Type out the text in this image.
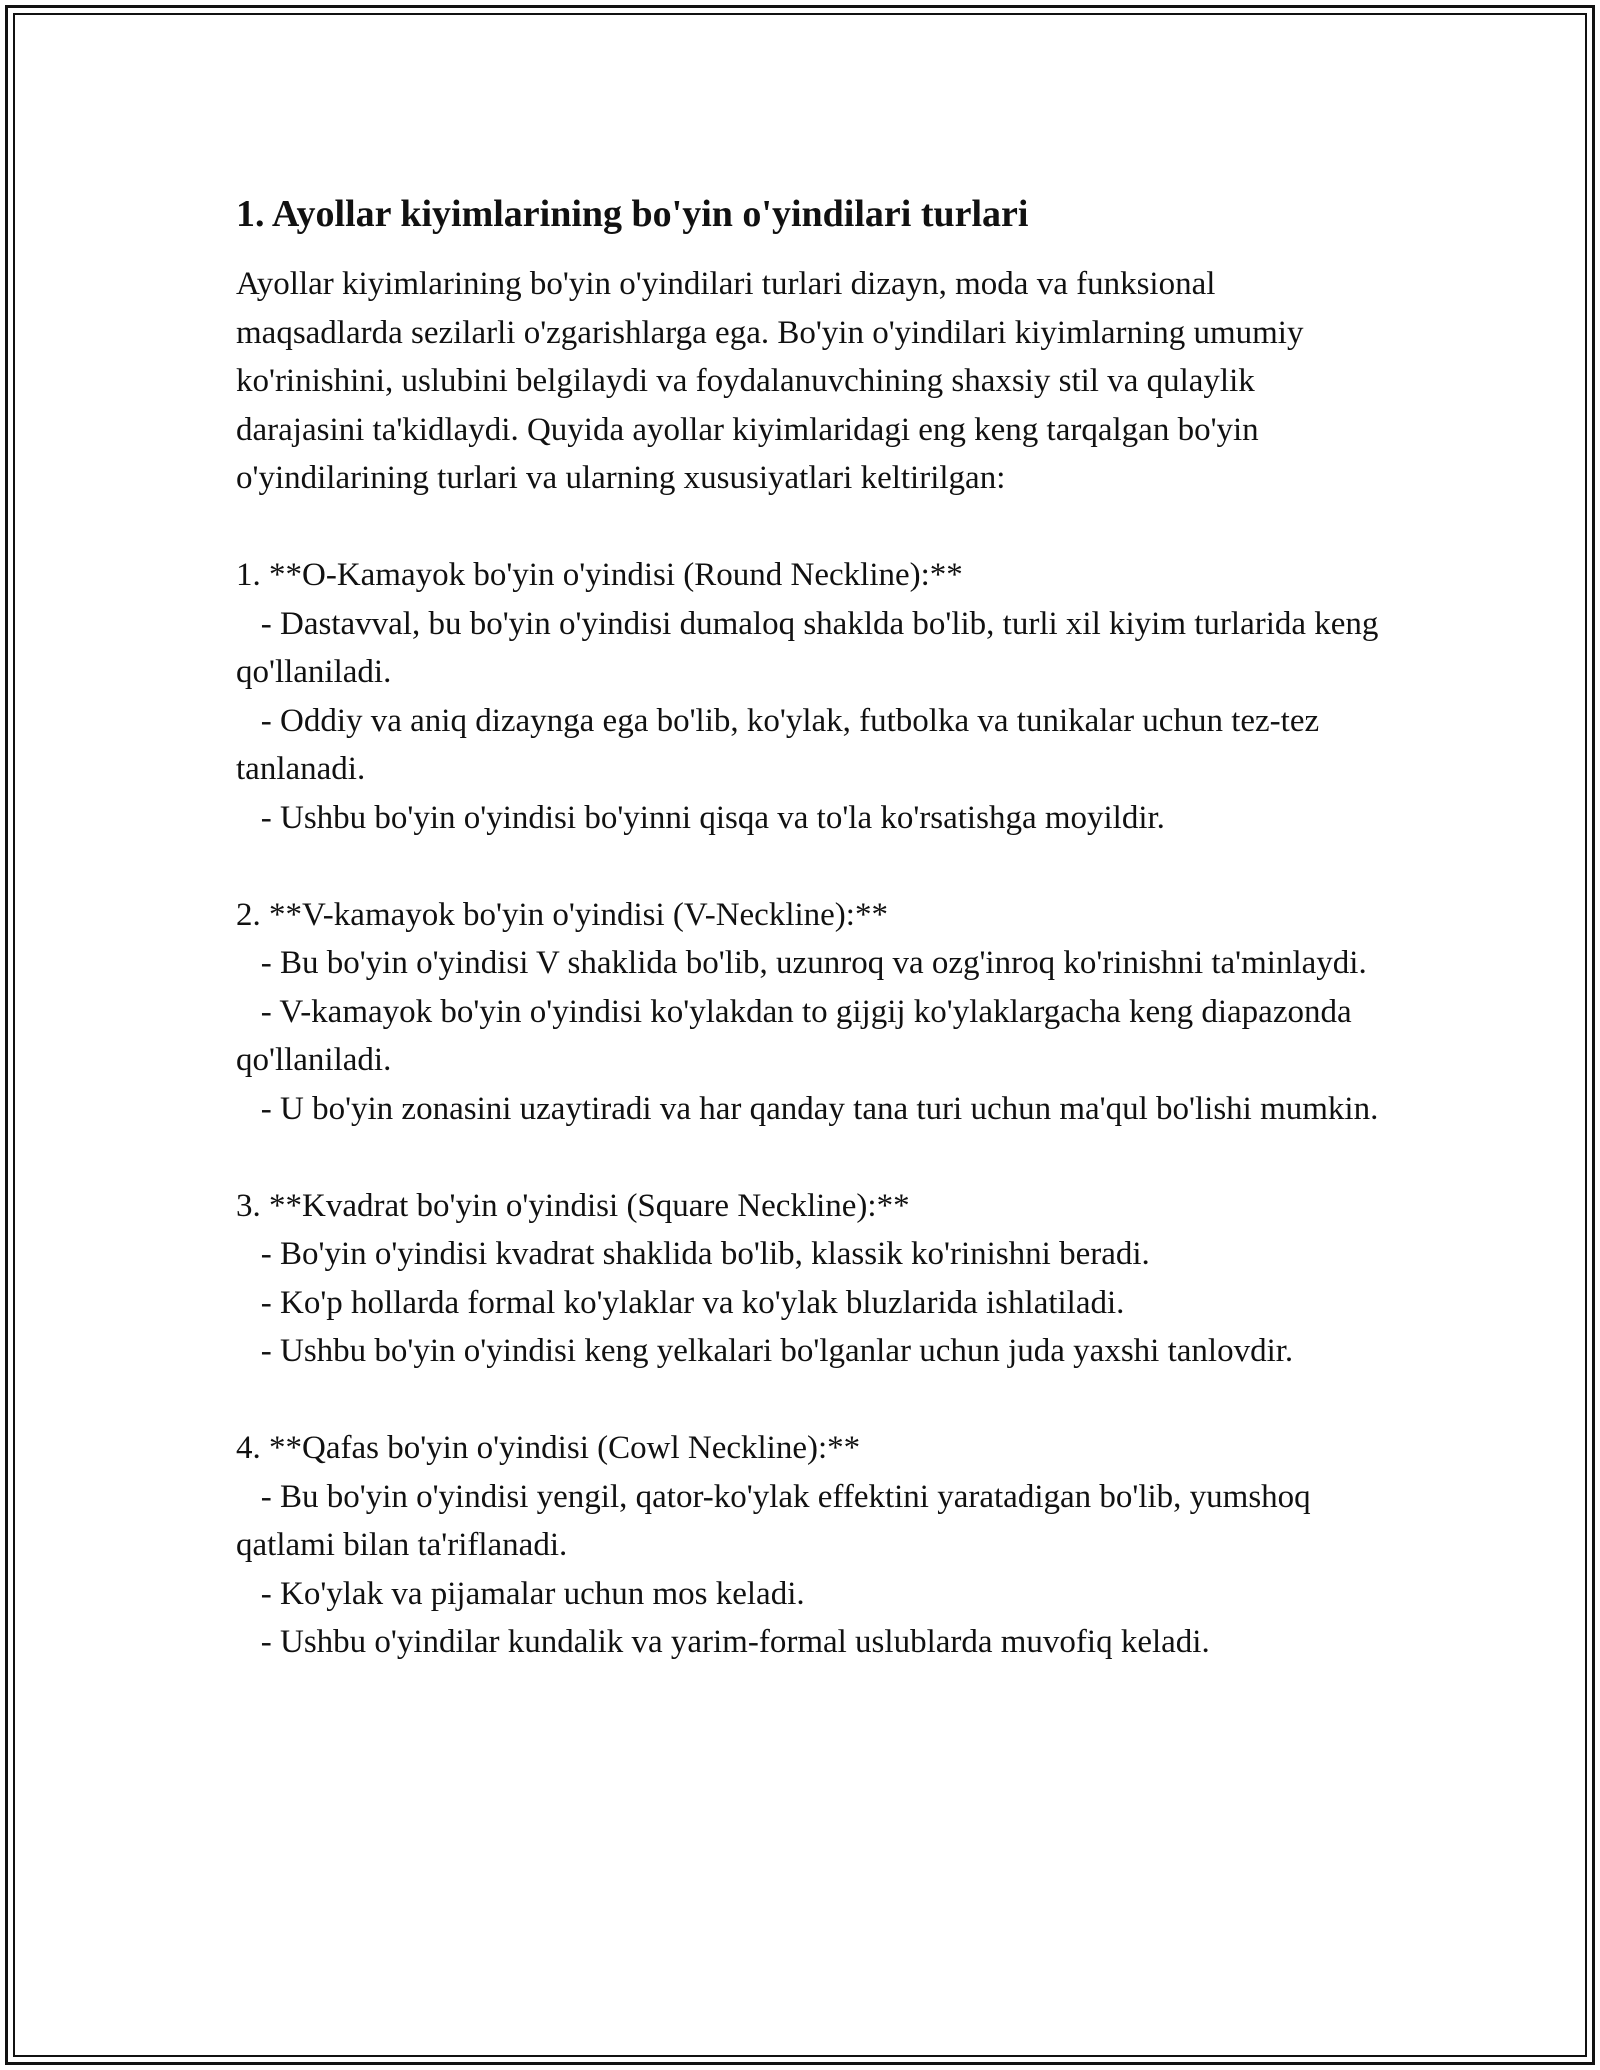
1. Ayollar kiyimlarining bo'yin o'yindilari turlari

Ayollar kiyimlarining bo'yin o'yindilari turlari dizayn, moda va funksional maqsadlarda sezilarli o'zgarishlarga ega. Bo'yin o'yindilari kiyimlarning umumiy ko'rinishini, uslubini belgilaydi va foydalanuvchining shaxsiy stil va qulaylik darajasini ta'kidlaydi. Quyida ayollar kiyimlaridagi eng keng tarqalgan bo'yin o'yindilarining turlari va ularning xususiyatlari keltirilgan:

1. **O-Kamayok bo'yin o'yindisi (Round Neckline):**
- Dastavval, bu bo'yin o'yindisi dumaloq shaklda bo'lib, turli xil kiyim turlarida keng qo'llaniladi.
- Oddiy va aniq dizaynga ega bo'lib, ko'ylak, futbolka va tunikalar uchun tez-tez tanlanadi.
- Ushbu bo'yin o'yindisi bo'yinni qisqa va to'la ko'rsatishga moyildir.
2. **V-kamayok bo'yin o'yindisi (V-Neckline):**
- Bu bo'yin o'yindisi V shaklida bo'lib, uzunroq va ozg'inroq ko'rinishni ta'minlaydi.
- V-kamayok bo'yin o'yindisi ko'ylakdan to gijgij ko'ylaklargacha keng diapazonda qo'llaniladi.
- U bo'yin zonasini uzaytiradi va har qanday tana turi uchun ma'qul bo'lishi mumkin.
3. **Kvadrat bo'yin o'yindisi (Square Neckline):**
- Bo'yin o'yindisi kvadrat shaklida bo'lib, klassik ko'rinishni beradi.
- Ko'p hollarda formal ko'ylaklar va ko'ylak bluzlarida ishlatiladi.
- Ushbu bo'yin o'yindisi keng yelkalari bo'lganlar uchun juda yaxshi tanlovdir.
4. **Qafas bo'yin o'yindisi (Cowl Neckline):**
- Bu bo'yin o'yindisi yengil, qator-ko'ylak effektini yaratadigan bo'lib, yumshoq qatlami bilan ta'riflanadi.
- Ko'ylak va pijamalar uchun mos keladi.
- Ushbu o'yindilar kundalik va yarim-formal uslublarda muvofiq keladi.
